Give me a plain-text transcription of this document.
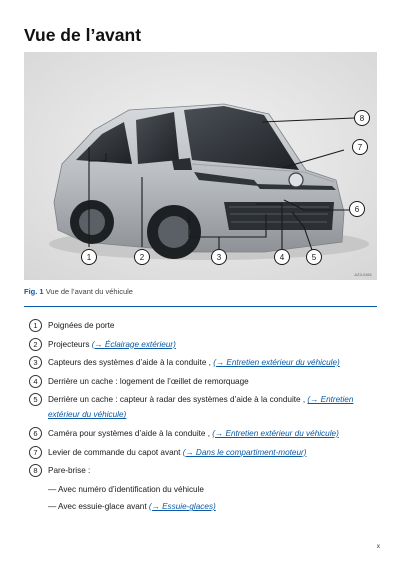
Vue de l’avant
1	2	3	4	5
6
7
8
AZ3-0461
Fig. 1 Vue de l’avant du véhicule
1	Poignées de porte
2	Projecteurs (→ Éclairage extérieur)
3	Capteurs des systèmes d’aide à la conduite , (→ Entretien extérieur du véhicule)
4	Derrière un cache : logement de l’œillet de remorquage
5	Derrière un cache : capteur à radar des systèmes d’aide à la conduite , (→ Entretien extérieur du véhicule)
6	Caméra pour systèmes d’aide à la conduite , (→ Entretien extérieur du véhicule)
7	Levier de commande du capot avant (→ Dans le compartiment-moteur)
8	Pare-brise :
— Avec numéro d’identification du véhicule
— Avec essuie-glace avant (→ Essuie-glaces)
x
